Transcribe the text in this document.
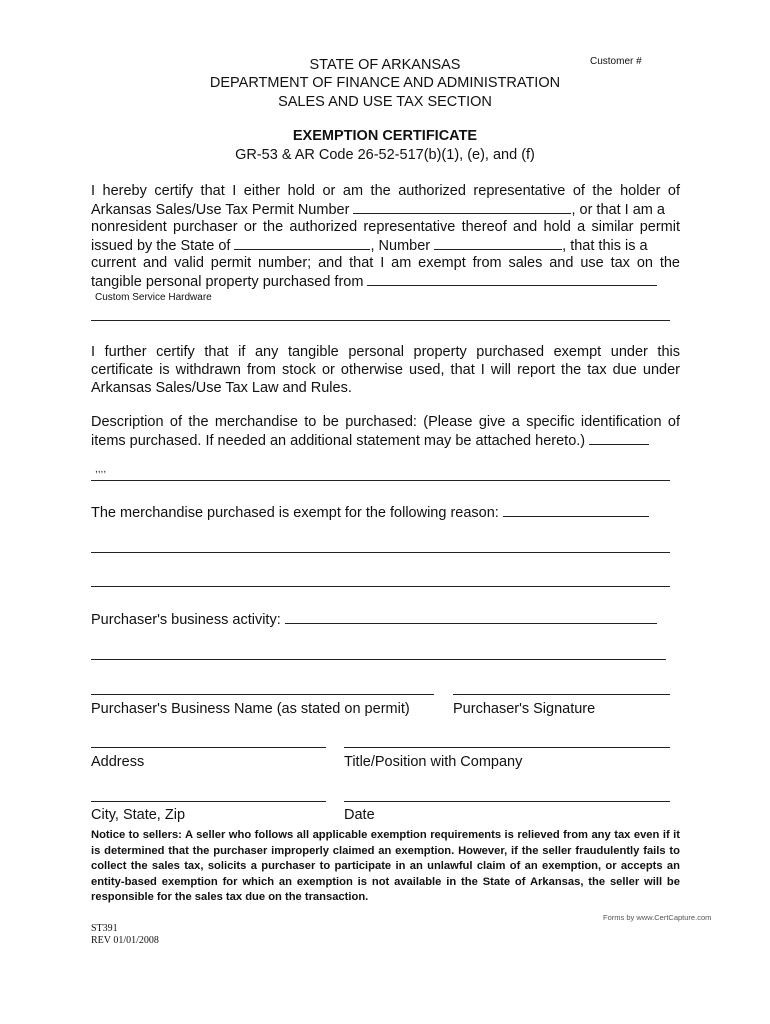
Customer #
STATE OF ARKANSAS
DEPARTMENT OF FINANCE AND ADMINISTRATION
SALES AND USE TAX SECTION
EXEMPTION CERTIFICATE
GR-53 & AR Code 26-52-517(b)(1), (e), and (f)
I hereby certify that I either hold or am the authorized representative of the holder of
Arkansas Sales/Use Tax Permit Number	, or that I am a
nonresident purchaser or the authorized representative thereof and hold a similar permit
issued by the State of	, Number	, that this is a
current and valid permit number; and that I am exempt from sales and use tax on the
tangible personal property purchased from
Custom Service Hardware
I further certify that if any tangible personal property purchased exempt under this
certificate is withdrawn from stock or otherwise used, that I will report the tax due under
Arkansas Sales/Use Tax Law and Rules.
Description of the merchandise to be purchased: (Please give a specific identification of
items purchased. If needed an additional statement may be attached hereto.)
,,,,
The merchandise purchased is exempt for the following reason:
Purchaser's business activity:
Purchaser's Business Name (as stated on permit)	Purchaser's Signature
Address	Title/Position with Company
City, State, Zip	Date
Notice to sellers: A seller who follows all applicable exemption requirements is relieved from any tax even if it is determined that the purchaser improperly claimed an exemption. However, if the seller fraudulently fails to collect the sales tax, solicits a purchaser to participate in an unlawful claim of an exemption, or accepts an entity-based exemption for which an exemption is not available in the State of Arkansas, the seller will be responsible for the sales tax due on the transaction.
ST391
REV 01/01/2008
Forms by www.CertCapture.com
